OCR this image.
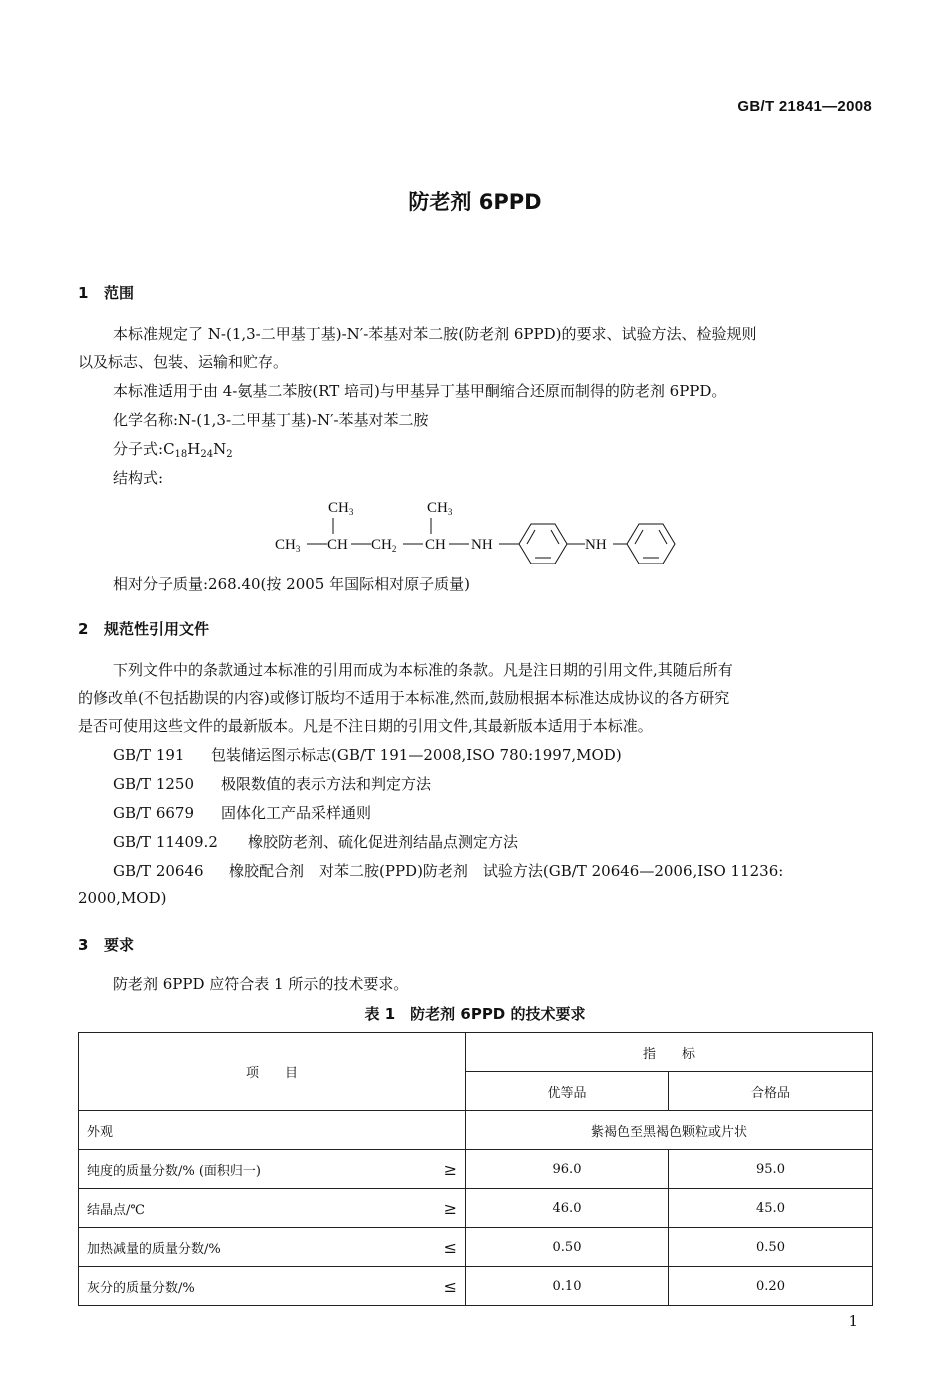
GB/T 21841—2008
防老剂 6PPD
1 范围
本标准规定了 N-(1,3-二甲基丁基)-N′-苯基对苯二胺(防老剂 6PPD)的要求、试验方法、检验规则
以及标志、包装、运输和贮存。
本标准适用于由 4-氨基二苯胺(RT 培司)与甲基异丁基甲酮缩合还原而制得的防老剂 6PPD。
化学名称:N-(1,3-二甲基丁基)-N′-苯基对苯二胺
分子式$:C_{18}H_{24}N_2$
结构式:
$CH_3$	$CH_3$
$CH_3$ CH $CH_2$ CH NH	NH
相对分子质量:268.40(按 2005 年国际相对原子质量)
2 规范性引用文件
下列文件中的条款通过本标准的引用而成为本标准的条款。凡是注日期的引用文件,其随后所有
的修改单(不包括勘误的内容)或修订版均不适用于本标准,然而,鼓励根据本标准达成协议的各方研究
是否可使用这些文件的最新版本。凡是不注日期的引用文件,其最新版本适用于本标准。
GB/T 191 包装储运图示标志(GB/T 191—2008,ISO 780:1997,MOD)
GB/T 1250 极限数值的表示方法和判定方法
GB/T 6679 固体化工产品采样通则
GB/T 11409.2 橡胶防老剂、硫化促进剂结晶点测定方法
GB/T 20646 橡胶配合剂　对苯二胺(PPD)防老剂　试验方法(GB/T 20646—2006,ISO 11236:
2000,MOD)
3 要求
防老剂 6PPD 应符合表 1 所示的技术要求。
表 1　防老剂 6PPD 的技术要求
项　　目	指　　标	
	优等品	合格品
外观	紫褐色至黑褐色颗粒或片状	
纯度的质量分数/% (面积归一) ≥	96.0	95.0
结晶点/℃ ≥	46.0	45.0
加热减量的质量分数/% ≤	0.50	0.50
灰分的质量分数/% ≤	0.10	0.20
1
